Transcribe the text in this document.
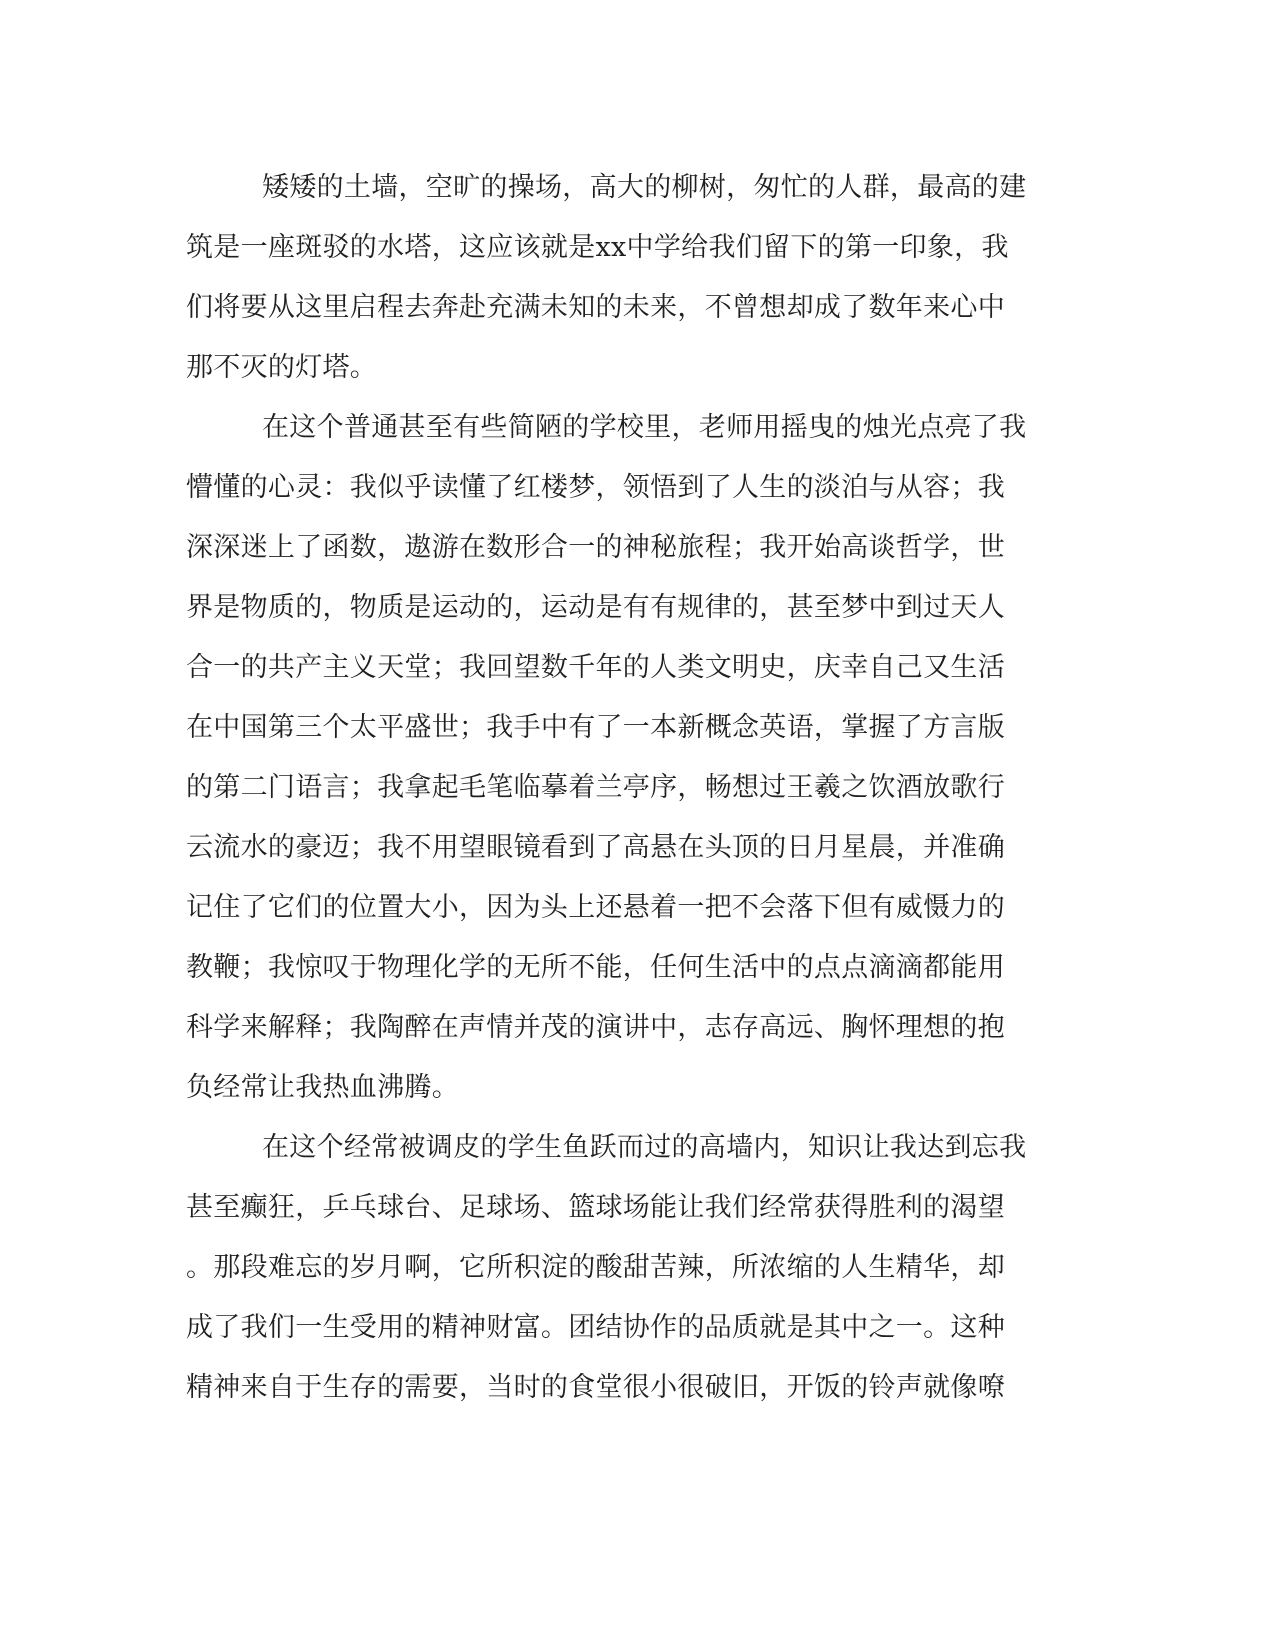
矮矮的土墙，空旷的操场，高大的柳树，匆忙的人群，最高的建
筑是一座斑驳的水塔，这应该就是xx中学给我们留下的第一印象，我
们将要从这里启程去奔赴充满未知的未来，不曾想却成了数年来心中
那不灭的灯塔。
在这个普通甚至有些简陋的学校里，老师用摇曳的烛光点亮了我
懵懂的心灵：我似乎读懂了红楼梦，领悟到了人生的淡泊与从容；我
深深迷上了函数，遨游在数形合一的神秘旅程；我开始高谈哲学，世
界是物质的，物质是运动的，运动是有有规律的，甚至梦中到过天人
合一的共产主义天堂；我回望数千年的人类文明史，庆幸自己又生活
在中国第三个太平盛世；我手中有了一本新概念英语，掌握了方言版
的第二门语言；我拿起毛笔临摹着兰亭序，畅想过王羲之饮酒放歌行
云流水的豪迈；我不用望眼镜看到了高悬在头顶的日月星晨，并准确
记住了它们的位置大小，因为头上还悬着一把不会落下但有威慑力的
教鞭；我惊叹于物理化学的无所不能，任何生活中的点点滴滴都能用
科学来解释；我陶醉在声情并茂的演讲中，志存高远、胸怀理想的抱
负经常让我热血沸腾。
在这个经常被调皮的学生鱼跃而过的高墙内，知识让我达到忘我
甚至癫狂，乒乓球台、足球场、篮球场能让我们经常获得胜利的渴望
。那段难忘的岁月啊，它所积淀的酸甜苦辣，所浓缩的人生精华，却
成了我们一生受用的精神财富。团结协作的品质就是其中之一。这种
精神来自于生存的需要，当时的食堂很小很破旧，开饭的铃声就像嘹
